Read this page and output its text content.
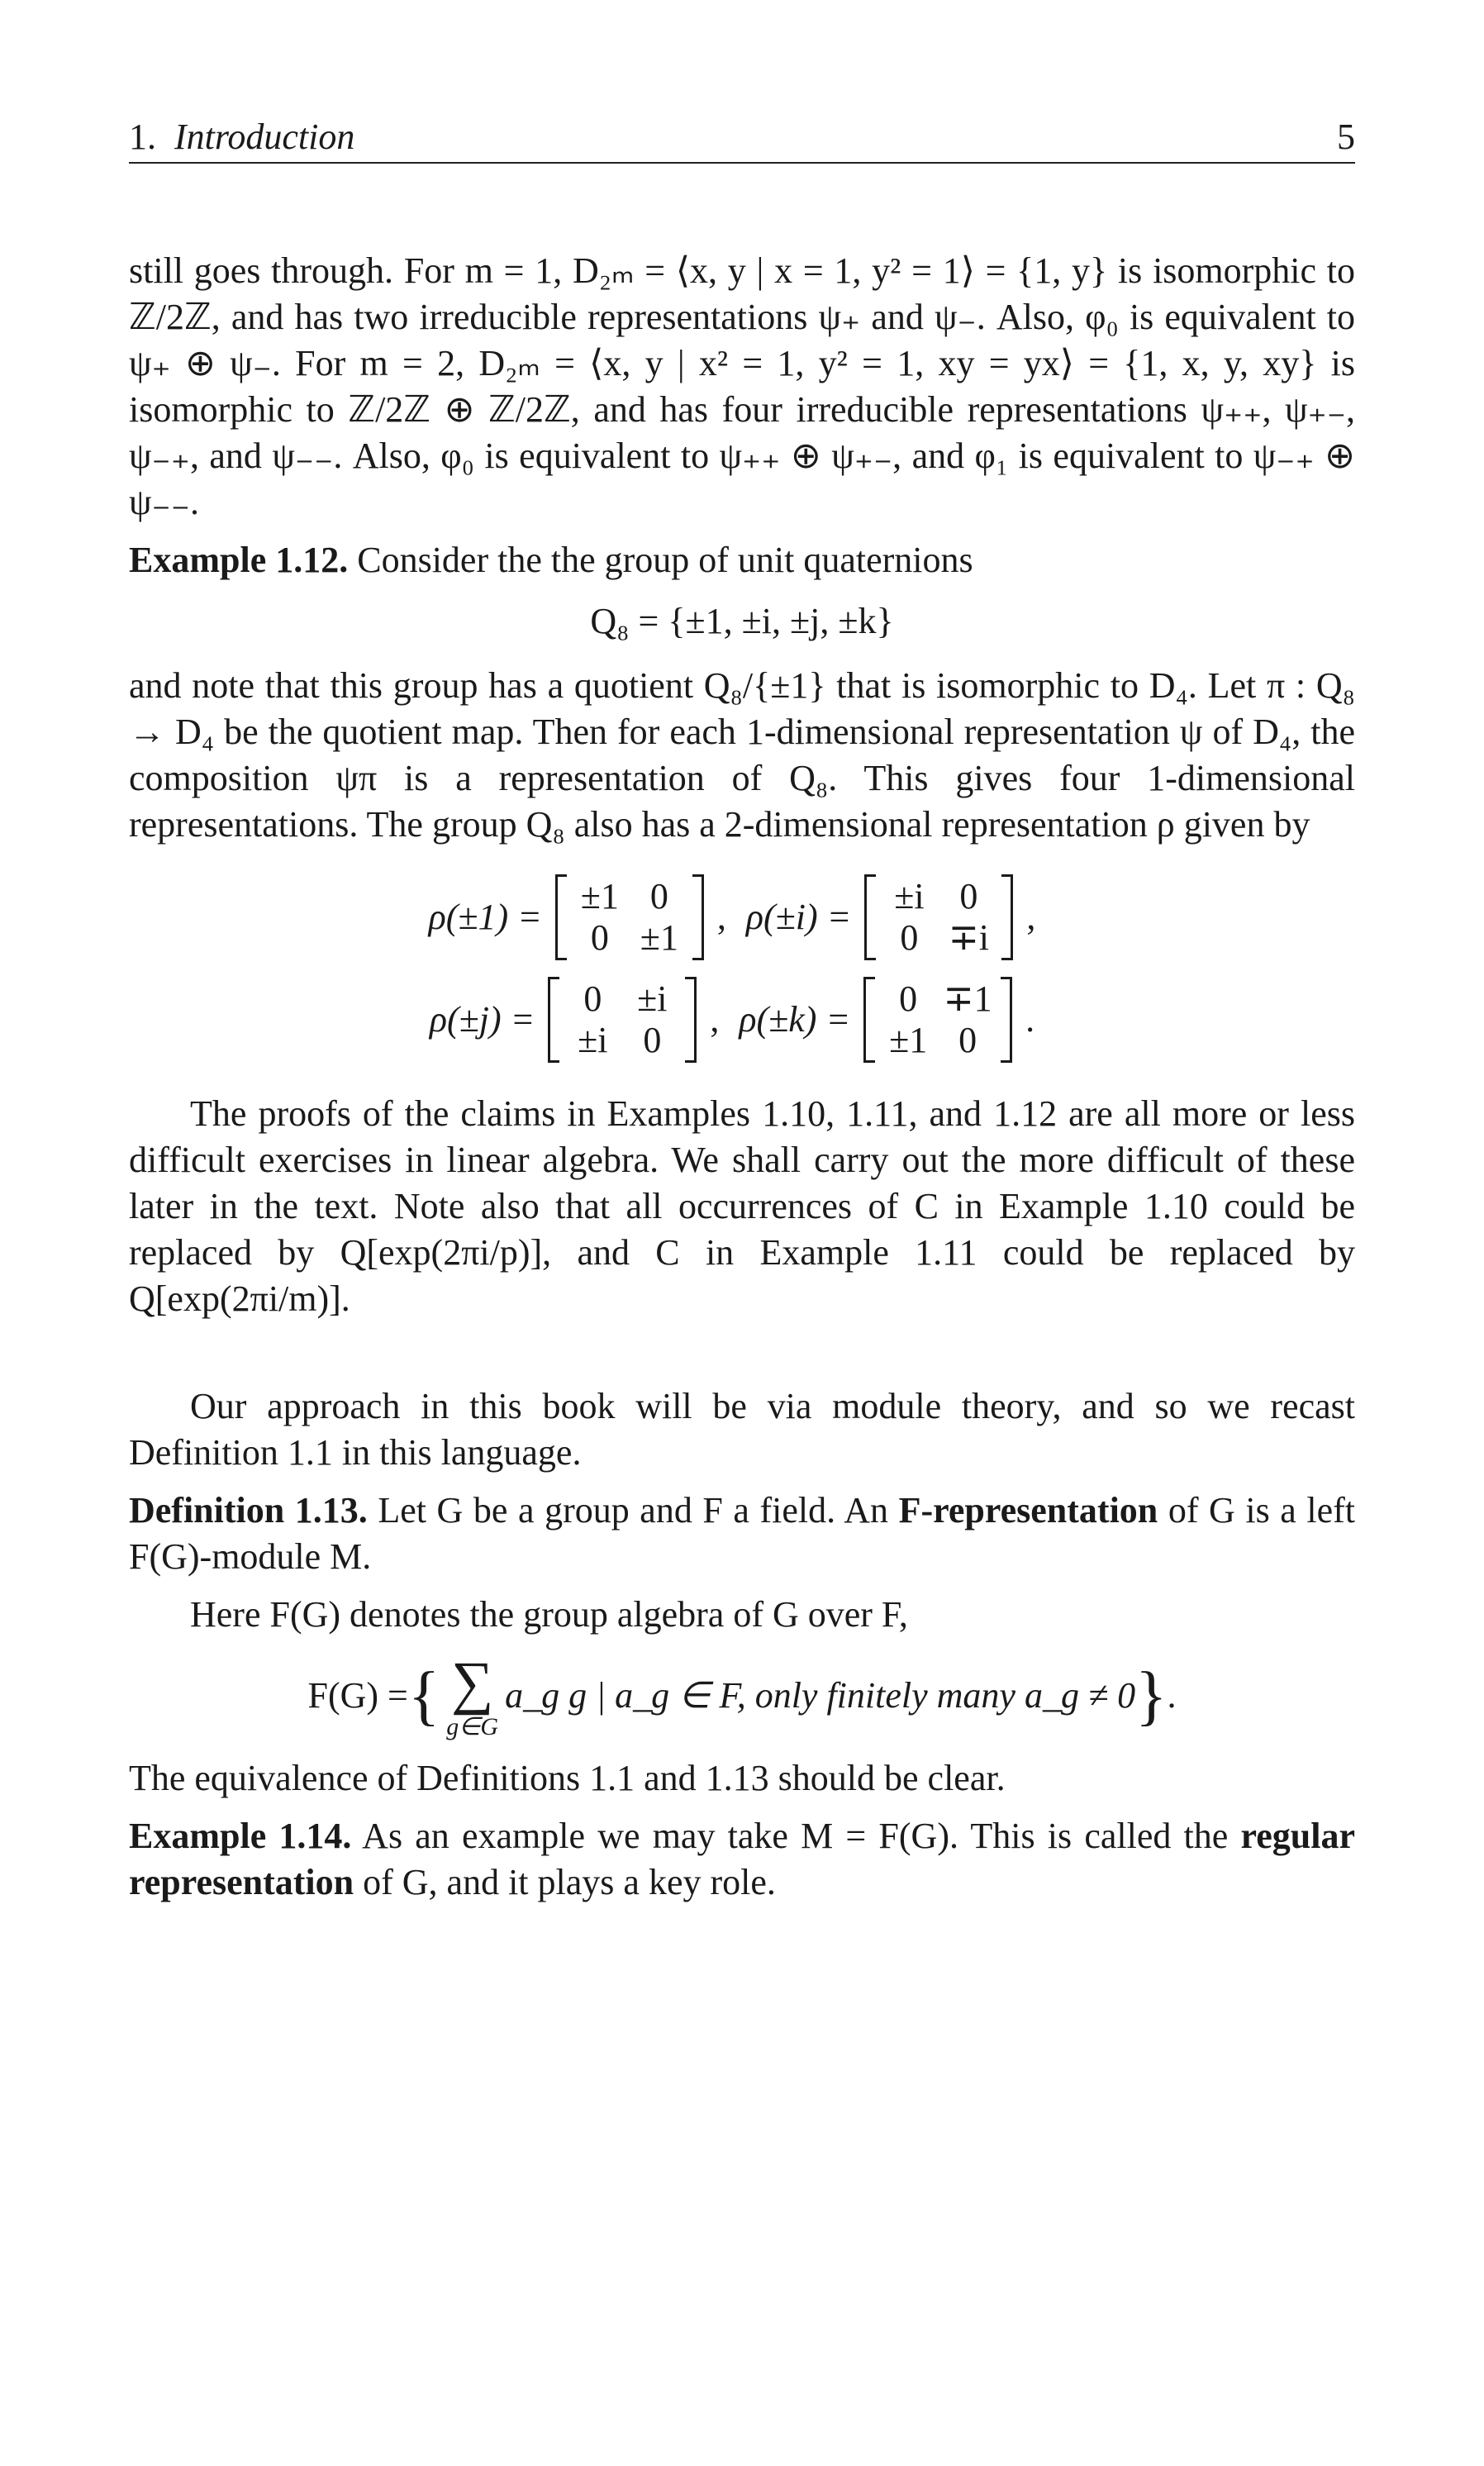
1. Introduction	5

still goes through. For m = 1, D₂ₘ = ⟨x, y | x = 1, y² = 1⟩ = {1, y} is isomorphic to ℤ/2ℤ, and has two irreducible representations ψ₊ and ψ₋. Also, φ₀ is equivalent to ψ₊ ⊕ ψ₋. For m = 2, D₂ₘ = ⟨x, y | x² = 1, y² = 1, xy = yx⟩ = {1, x, y, xy} is isomorphic to ℤ/2ℤ ⊕ ℤ/2ℤ, and has four irreducible representations ψ₊₊, ψ₊₋, ψ₋₊, and ψ₋₋. Also, φ₀ is equivalent to ψ₊₊ ⊕ ψ₊₋, and φ₁ is equivalent to ψ₋₊ ⊕ ψ₋₋.

Example 1.12. Consider the the group of unit quaternions

Q₈ = {±1, ±i, ±j, ±k}

and note that this group has a quotient Q₈/{±1} that is isomorphic to D₄. Let π : Q₈ → D₄ be the quotient map. Then for each 1-dimensional representation ψ of D₄, the composition ψπ is a representation of Q₈. This gives four 1-dimensional representations. The group Q₈ also has a 2-dimensional representation ρ given by

ρ(±1) =
±1 0
0 ±1
, ρ(±i) =
±i 0
0 ∓i
,
ρ(±j) =
0 ±i
±i 0
, ρ(±k) =
0 ∓1
±1 0
.

The proofs of the claims in Examples 1.10, 1.11, and 1.12 are all more or less difficult exercises in linear algebra. We shall carry out the more difficult of these later in the text. Note also that all occurrences of C in Example 1.10 could be replaced by Q[exp(2πi/p)], and C in Example 1.11 could be replaced by Q[exp(2πi/m)].

Our approach in this book will be via module theory, and so we recast Definition 1.1 in this language.

Definition 1.13. Let G be a group and F a field. An F-representation of G is a left F(G)-module M.

Here F(G) denotes the group algebra of G over F,

F(G) = { ∑
g∈G
a_g g | a_g ∈ F, only finitely many a_g ≠ 0 } .

The equivalence of Definitions 1.1 and 1.13 should be clear.

Example 1.14. As an example we may take M = F(G). This is called the regular representation of G, and it plays a key role.
